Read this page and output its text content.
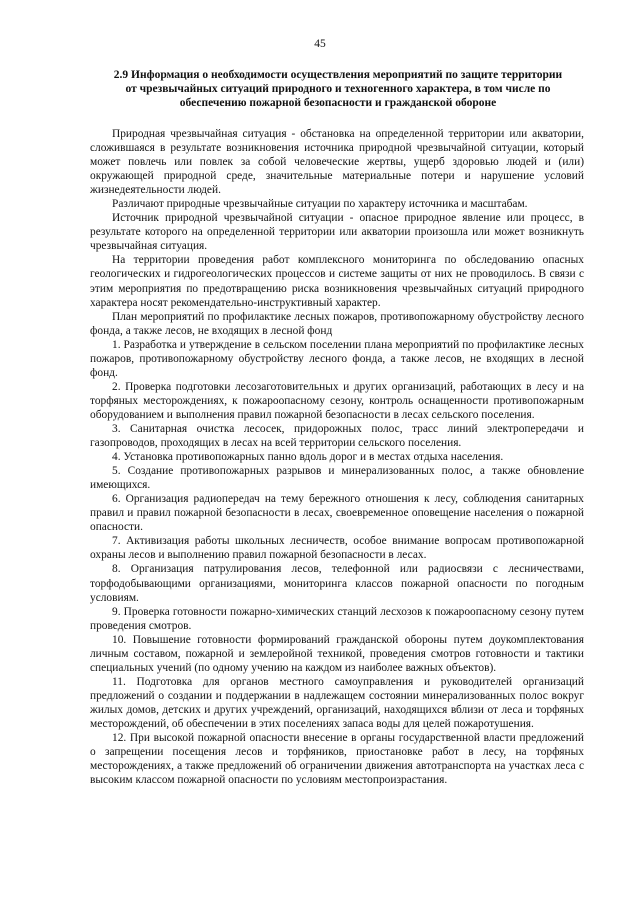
45
2.9 Информация о необходимости осуществления мероприятий по защите территории
от чрезвычайных ситуаций природного и техногенного характера, в том числе по
обеспечению пожарной безопасности и гражданской обороне

Природная чрезвычайная ситуация - обстановка на определенной территории или акватории, сложившаяся в результате возникновения источника природной чрезвычайной ситуации, который может повлечь или повлек за собой человеческие жертвы, ущерб здоровью людей и (или) окружающей природной среде, значительные материальные потери и нарушение условий жизнедеятельности людей.

Различают природные чрезвычайные ситуации по характеру источника и масштабам.

Источник природной чрезвычайной ситуации - опасное природное явление или процесс, в результате которого на определенной территории или акватории произошла или может возникнуть чрезвычайная ситуация.

На территории проведения работ комплексного мониторинга по обследованию опасных геологических и гидрогеологических процессов и системе защиты от них не проводилось. В связи с этим мероприятия по предотвращению риска возникновения чрезвычайных ситуаций природного характера носят рекомендательно-инструктивный характер.

План мероприятий по профилактике лесных пожаров, противопожарному обустройству лесного фонда, а также лесов, не входящих в лесной фонд

1. Разработка и утверждение в сельском поселении плана мероприятий по профилактике лесных пожаров, противопожарному обустройству лесного фонда, а также лесов, не входящих в лесной фонд.

2. Проверка подготовки лесозаготовительных и других организаций, работающих в лесу и на торфяных месторождениях, к пожароопасному сезону, контроль оснащенности противопожарным оборудованием и выполнения правил пожарной безопасности в лесах сельского поселения.

3. Санитарная очистка лесосек, придорожных полос, трасс линий электропередачи и газопроводов, проходящих в лесах на всей территории сельского поселения.

4. Установка противопожарных панно вдоль дорог и в местах отдыха населения.

5. Создание противопожарных разрывов и минерализованных полос, а также обновление имеющихся.

6. Организация радиопередач на тему бережного отношения к лесу, соблюдения санитарных правил и правил пожарной безопасности в лесах, своевременное оповещение населения о пожарной опасности.

7. Активизация работы школьных лесничеств, особое внимание вопросам противопожарной охраны лесов и выполнению правил пожарной безопасности в лесах.

8. Организация патрулирования лесов, телефонной или радиосвязи с лесничествами, торфодобывающими организациями, мониторинга классов пожарной опасности по погодным условиям.

9. Проверка готовности пожарно-химических станций лесхозов к пожароопасному сезону путем проведения смотров.

10. Повышение готовности формирований гражданской обороны путем доукомплектования личным составом, пожарной и землеройной техникой, проведения смотров готовности и тактики специальных учений (по одному учению на каждом из наиболее важных объектов).

11. Подготовка для органов местного самоуправления и руководителей организаций предложений о создании и поддержании в надлежащем состоянии минерализованных полос вокруг жилых домов, детских и других учреждений, организаций, находящихся вблизи от леса и торфяных месторождений, об обеспечении в этих поселениях запаса воды для целей пожаротушения.

12. При высокой пожарной опасности внесение в органы государственной власти предложений о запрещении посещения лесов и торфяников, приостановке работ в лесу, на торфяных месторождениях, а также предложений об ограничении движения автотранспорта на участках леса с высоким классом пожарной опасности по условиям местопроизрастания.
